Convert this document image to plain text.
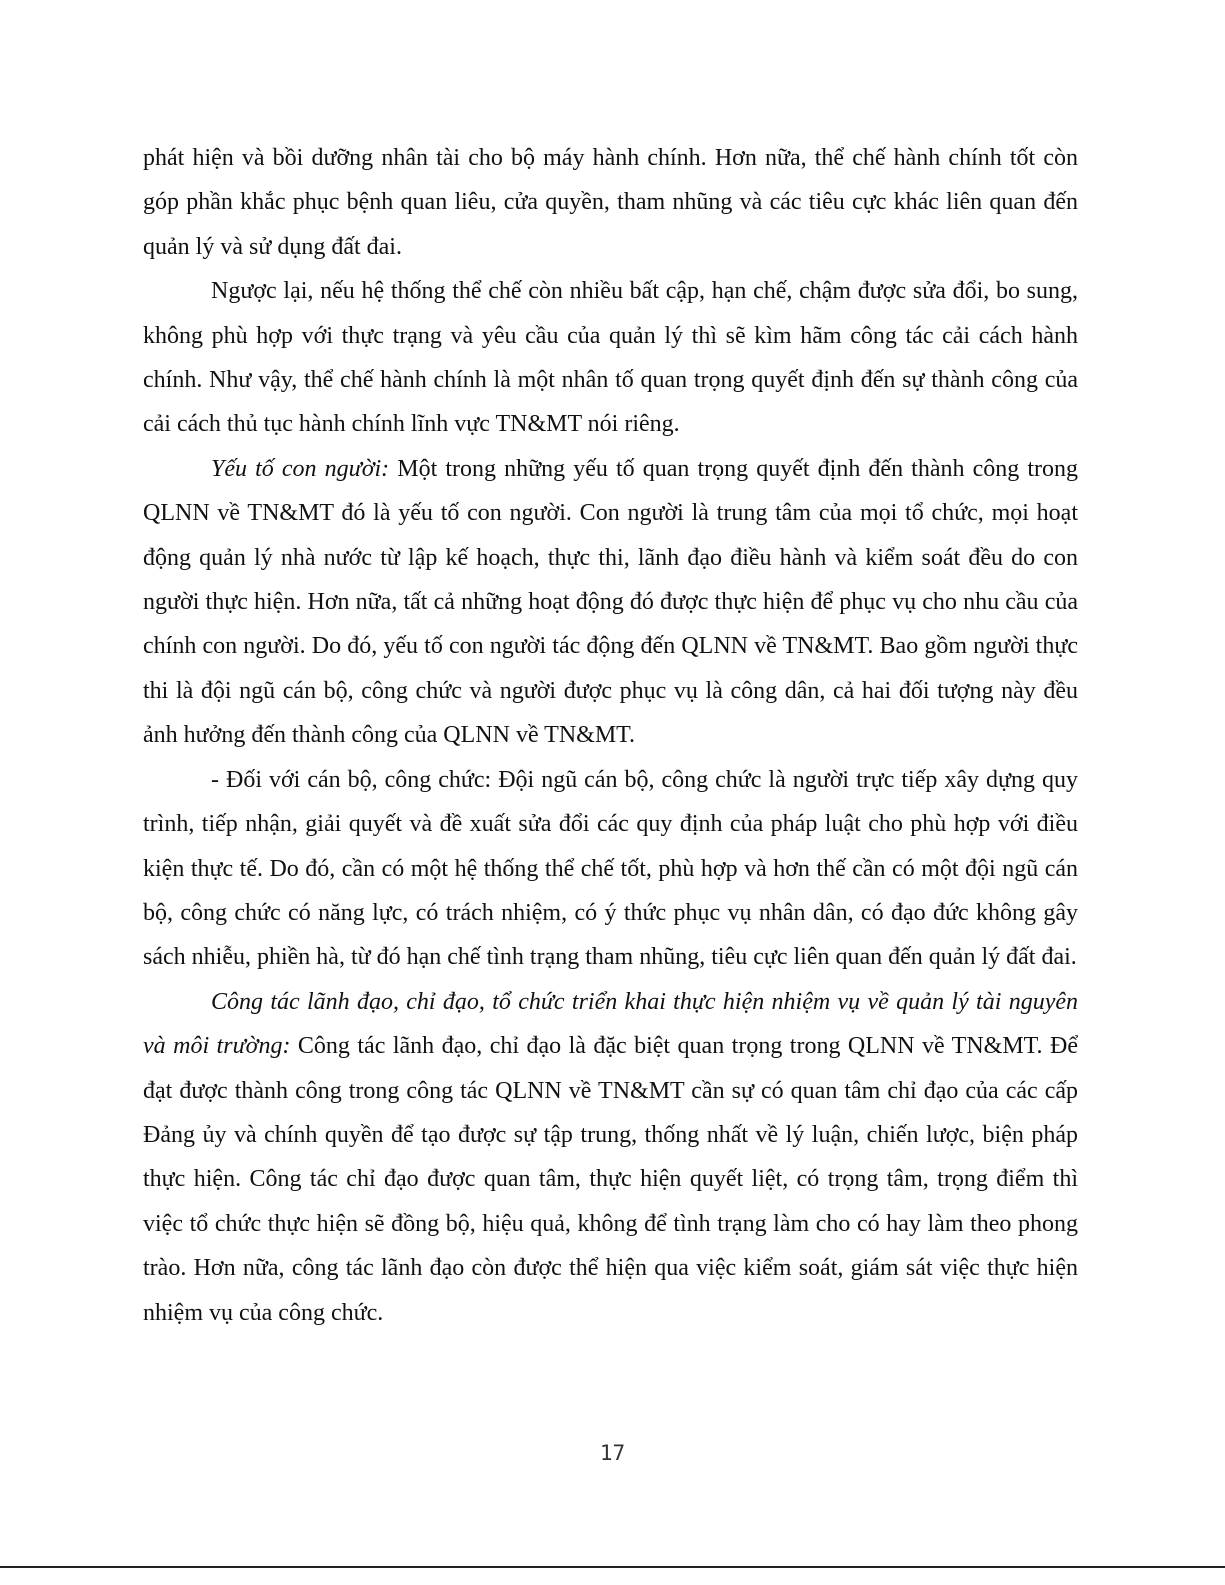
phát hiện và bồi dưỡng nhân tài cho bộ máy hành chính. Hơn nữa, thể chế hành chính tốt còn góp phần khắc phục bệnh quan liêu, cửa quyền, tham nhũng và các tiêu cực khác liên quan đến quản lý và sử dụng đất đai.

Ngược lại, nếu hệ thống thể chế còn nhiều bất cập, hạn chế, chậm được sửa đổi, bo sung, không phù hợp với thực trạng và yêu cầu của quản lý thì sẽ kìm hãm công tác cải cách hành chính. Như vậy, thể chế hành chính là một nhân tố quan trọng quyết định đến sự thành công của cải cách thủ tục hành chính lĩnh vực TN&MT nói riêng.

Yếu tố con người: Một trong những yếu tố quan trọng quyết định đến thành công trong QLNN về TN&MT đó là yếu tố con người. Con người là trung tâm của mọi tổ chức, mọi hoạt động quản lý nhà nước từ lập kế hoạch, thực thi, lãnh đạo điều hành và kiểm soát đều do con người thực hiện. Hơn nữa, tất cả những hoạt động đó được thực hiện để phục vụ cho nhu cầu của chính con người. Do đó, yếu tố con người tác động đến QLNN về TN&MT. Bao gồm người thực thi là đội ngũ cán bộ, công chức và người được phục vụ là công dân, cả hai đối tượng này đều ảnh hưởng đến thành công của QLNN về TN&MT.

- Đối với cán bộ, công chức: Đội ngũ cán bộ, công chức là người trực tiếp xây dựng quy trình, tiếp nhận, giải quyết và đề xuất sửa đổi các quy định của pháp luật cho phù hợp với điều kiện thực tế. Do đó, cần có một hệ thống thể chế tốt, phù hợp và hơn thế cần có một đội ngũ cán bộ, công chức có năng lực, có trách nhiệm, có ý thức phục vụ nhân dân, có đạo đức không gây sách nhiễu, phiền hà, từ đó hạn chế tình trạng tham nhũng, tiêu cực liên quan đến quản lý đất đai.

Công tác lãnh đạo, chỉ đạo, tổ chức triển khai thực hiện nhiệm vụ về quản lý tài nguyên và môi trường: Công tác lãnh đạo, chỉ đạo là đặc biệt quan trọng trong QLNN về TN&MT. Để đạt được thành công trong công tác QLNN về TN&MT cần sự có quan tâm chỉ đạo của các cấp Đảng ủy và chính quyền để tạo được sự tập trung, thống nhất về lý luận, chiến lược, biện pháp thực hiện. Công tác chỉ đạo được quan tâm, thực hiện quyết liệt, có trọng tâm, trọng điểm thì việc tổ chức thực hiện sẽ đồng bộ, hiệu quả, không để tình trạng làm cho có hay làm theo phong trào. Hơn nữa, công tác lãnh đạo còn được thể hiện qua việc kiểm soát, giám sát việc thực hiện nhiệm vụ của công chức.

17
